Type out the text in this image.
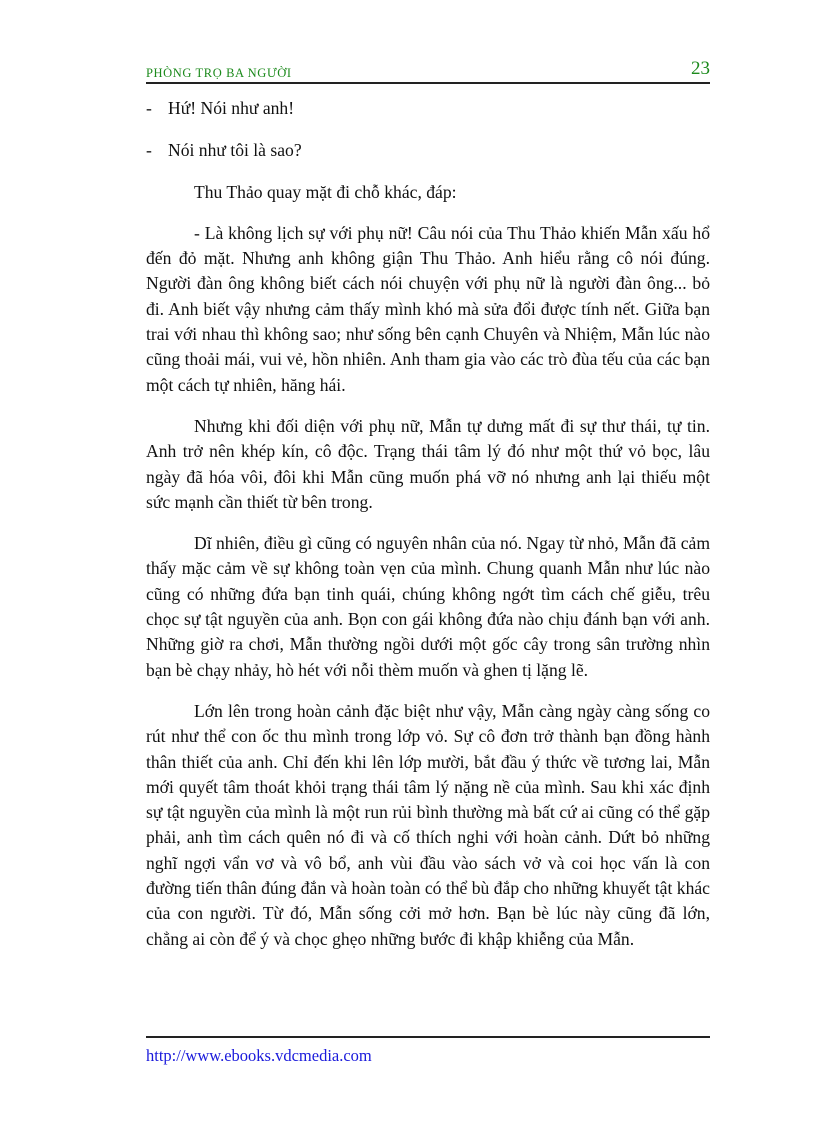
PHÒNG TRỌ BA NGƯỜI	23

- Hứ! Nói như anh!

- Nói như tôi là sao?

Thu Thảo quay mặt đi chỗ khác, đáp:

- Là không lịch sự với phụ nữ! Câu nói của Thu Thảo khiến Mẫn xấu hổ đến đỏ mặt. Nhưng anh không giận Thu Thảo. Anh hiểu rằng cô nói đúng. Người đàn ông không biết cách nói chuyện với phụ nữ là người đàn ông... bỏ đi. Anh biết vậy nhưng cảm thấy mình khó mà sửa đổi được tính nết. Giữa bạn trai với nhau thì không sao; như sống bên cạnh Chuyên và Nhiệm, Mẫn lúc nào cũng thoải mái, vui vẻ, hồn nhiên. Anh tham gia vào các trò đùa tếu của các bạn một cách tự nhiên, hăng hái.

Nhưng khi đối diện với phụ nữ, Mẫn tự dưng mất đi sự thư thái, tự tin. Anh trở nên khép kín, cô độc. Trạng thái tâm lý đó như một thứ vỏ bọc, lâu ngày đã hóa vôi, đôi khi Mẫn cũng muốn phá vỡ nó nhưng anh lại thiếu một sức mạnh cần thiết từ bên trong.

Dĩ nhiên, điều gì cũng có nguyên nhân của nó. Ngay từ nhỏ, Mẫn đã cảm thấy mặc cảm về sự không toàn vẹn của mình. Chung quanh Mẫn như lúc nào cũng có những đứa bạn tinh quái, chúng không ngớt tìm cách chế giễu, trêu chọc sự tật nguyền của anh. Bọn con gái không đứa nào chịu đánh bạn với anh. Những giờ ra chơi, Mẫn thường ngồi dưới một gốc cây trong sân trường nhìn bạn bè chạy nhảy, hò hét với nỗi thèm muốn và ghen tị lặng lẽ.

Lớn lên trong hoàn cảnh đặc biệt như vậy, Mẫn càng ngày càng sống co rút như thể con ốc thu mình trong lớp vỏ. Sự cô đơn trở thành bạn đồng hành thân thiết của anh. Chỉ đến khi lên lớp mười, bắt đầu ý thức về tương lai, Mẫn mới quyết tâm thoát khỏi trạng thái tâm lý nặng nề của mình. Sau khi xác định sự tật nguyền của mình là một run rủi bình thường mà bất cứ ai cũng có thể gặp phải, anh tìm cách quên nó đi và cố thích nghi với hoàn cảnh. Dứt bỏ những nghĩ ngợi vẩn vơ và vô bổ, anh vùi đầu vào sách vở và coi học vấn là con đường tiến thân đúng đắn và hoàn toàn có thể bù đắp cho những khuyết tật khác của con người. Từ đó, Mẫn sống cởi mở hơn. Bạn bè lúc này cũng đã lớn, chẳng ai còn để ý và chọc ghẹo những bước đi khập khiễng của Mẫn.

http://www.ebooks.vdcmedia.com
